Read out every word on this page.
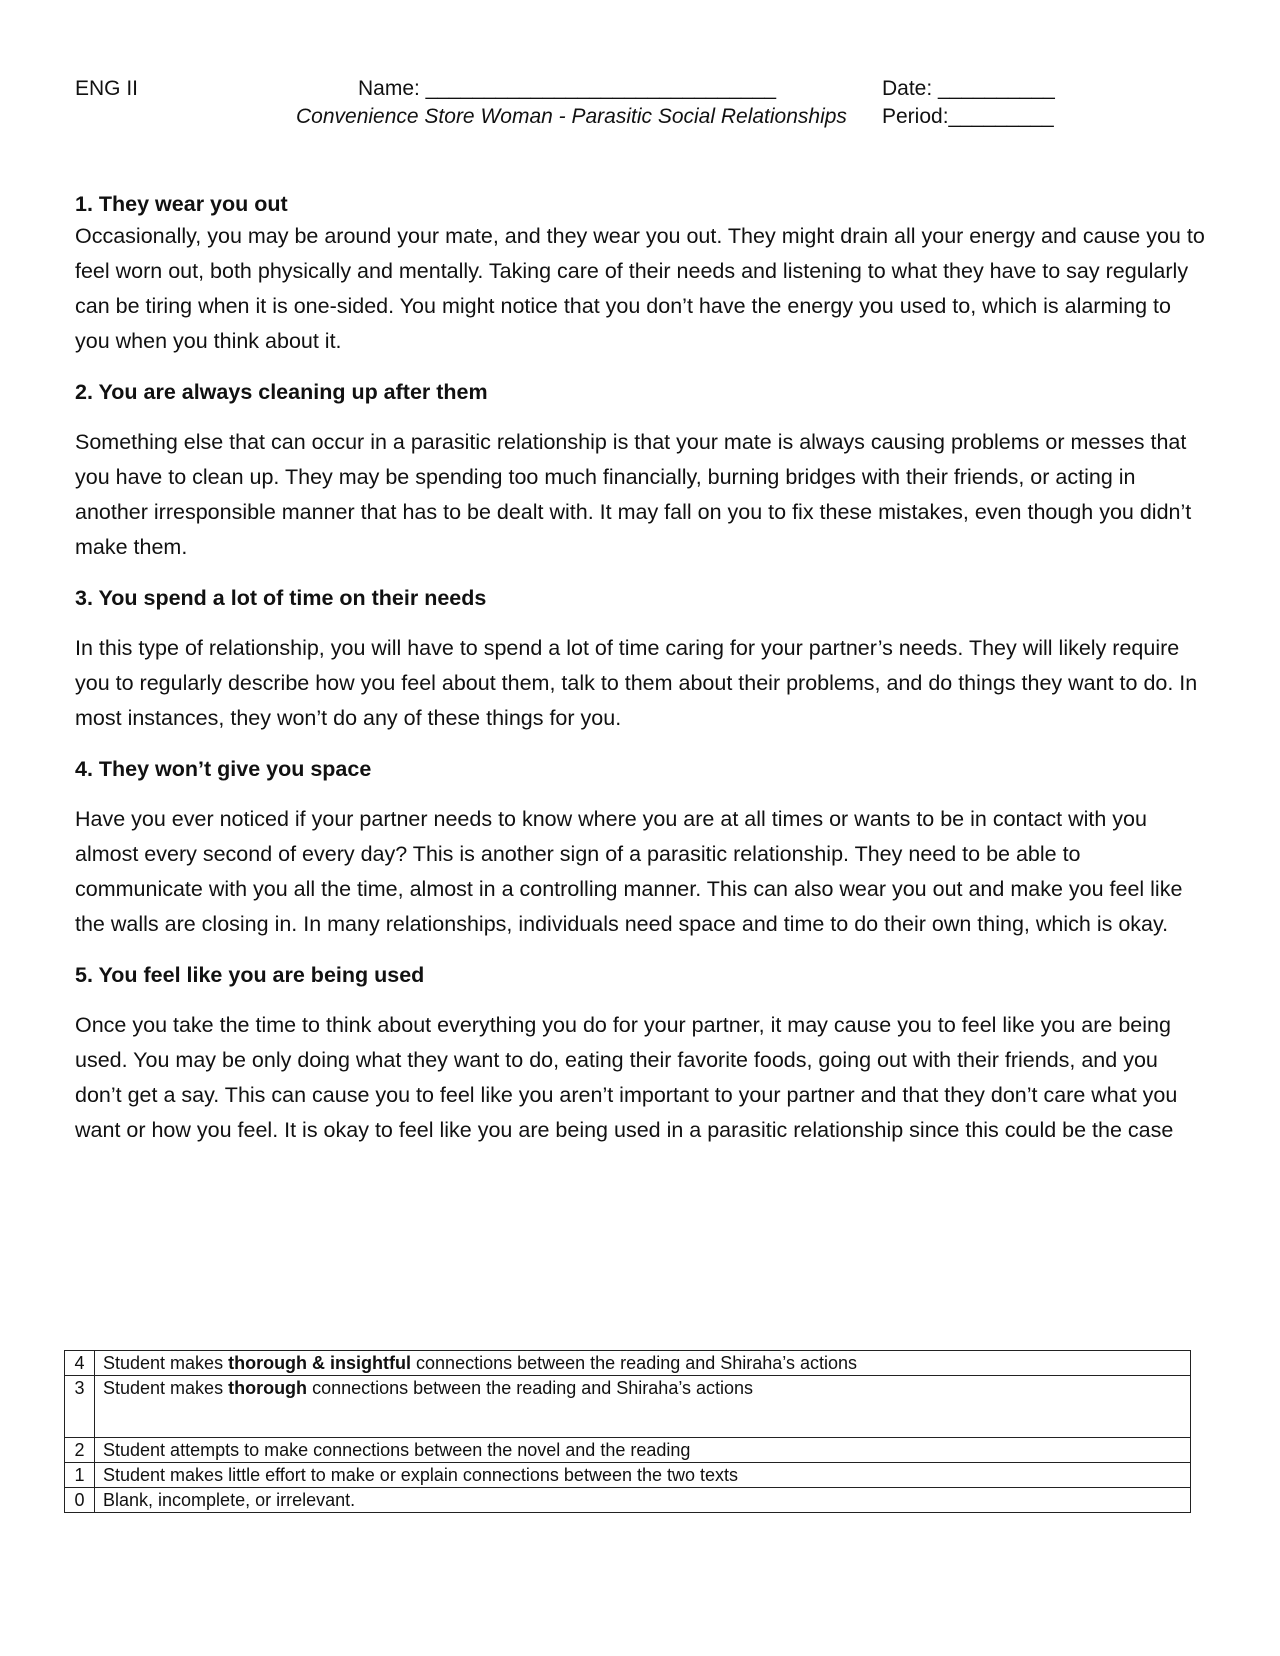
ENG II	Name: ______________________________	Date: __________
Convenience Store Woman - Parasitic Social Relationships Period:_________

1. They wear you out

Occasionally, you may be around your mate, and they wear you out. They might drain all your energy and cause you to feel worn out, both physically and mentally. Taking care of their needs and listening to what they have to say regularly can be tiring when it is one-sided. You might notice that you don’t have the energy you used to, which is alarming to you when you think about it.

2. You are always cleaning up after them

Something else that can occur in a parasitic relationship is that your mate is always causing problems or messes that you have to clean up. They may be spending too much financially, burning bridges with their friends, or acting in another irresponsible manner that has to be dealt with. It may fall on you to fix these mistakes, even though you didn’t make them.

3. You spend a lot of time on their needs

In this type of relationship, you will have to spend a lot of time caring for your partner’s needs. They will likely require you to regularly describe how you feel about them, talk to them about their problems, and do things they want to do. In most instances, they won’t do any of these things for you.

4. They won’t give you space

Have you ever noticed if your partner needs to know where you are at all times or wants to be in contact with you almost every second of every day? This is another sign of a parasitic relationship. They need to be able to communicate with you all the time, almost in a controlling manner. This can also wear you out and make you feel like the walls are closing in. In many relationships, individuals need space and time to do their own thing, which is okay.

5. You feel like you are being used

Once you take the time to think about everything you do for your partner, it may cause you to feel like you are being used. You may be only doing what they want to do, eating their favorite foods, going out with their friends, and you don’t get a say. This can cause you to feel like you aren’t important to your partner and that they don’t care what you want or how you feel. It is okay to feel like you are being used in a parasitic relationship since this could be the case

4	Student makes thorough & insightful connections between the reading and Shiraha’s actions
3	Student makes thorough connections between the reading and Shiraha’s actions
2	Student attempts to make connections between the novel and the reading
1	Student makes little effort to make or explain connections between the two texts
0	Blank, incomplete, or irrelevant.
